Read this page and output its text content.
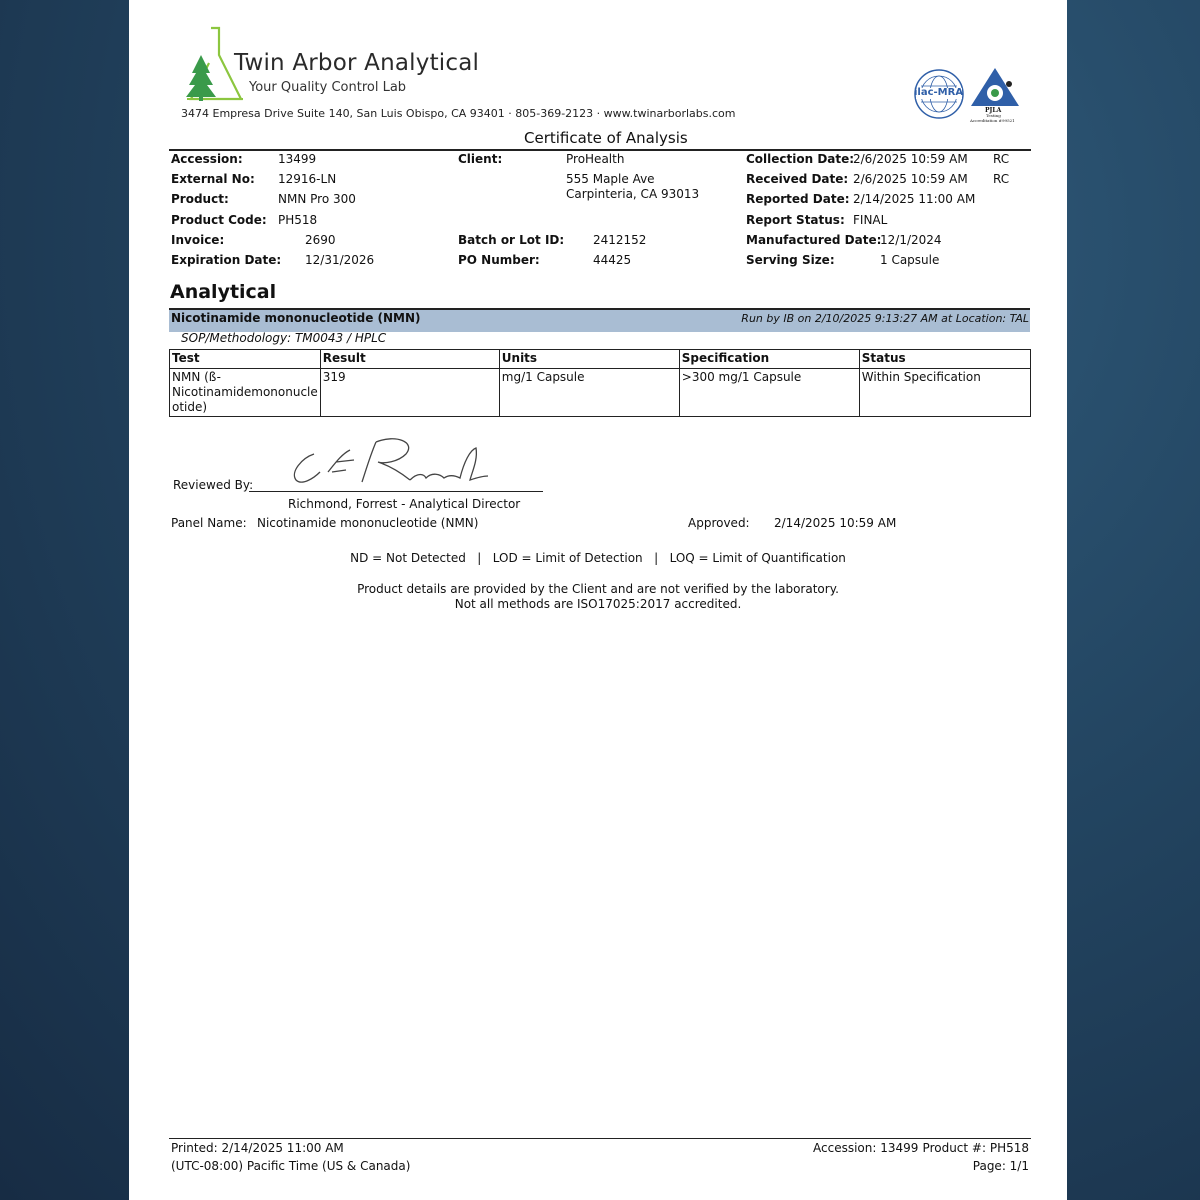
Twin Arbor Analytical
Your Quality Control Lab
3474 Empresa Drive Suite 140, San Luis Obispo, CA 93401 · 805-369-2123 · www.twinarborlabs.com
ilac-MRA
PJLA
Testing
Accreditation #99521
Certificate of Analysis
Accession:	13499
External No: 12916-LN
Product:	NMN Pro 300
Product Code: PH518
Invoice:	2690
Expiration Date: 12/31/2026
Client:	ProHealth
555 Maple Ave
Carpinteria, CA 93013
Batch or Lot ID: 2412152
PO Number:	44425
Collection Date:
2/6/2025 10:59 AM RC
Received Date: 2/6/2025 10:59 AM RC
Reported Date: 2/14/2025 11:00 AM
Report Status: FINAL
Manufactured Date:
12/1/2024
Serving Size:	1 Capsule
Analytical
Nicotinamide mononucleotide (NMN)	Run by IB on 2/10/2025 9:13:27 AM at Location: TAL
SOP/Methodology: TM0043 / HPLC
Test	Result	Units	Specification	Status

NMN (ß-
Nicotinamidemononucle
otide)	319	mg/1 Capsule	>300 mg/1 Capsule	Within Specification
Reviewed By:
Richmond, Forrest - Analytical Director
Panel Name: Nicotinamide mononucleotide (NMN)	Approved: 2/14/2025 10:59 AM
ND = Not Detected   |   LOD = Limit of Detection   |   LOQ = Limit of Quantification
Product details are provided by the Client and are not verified by the laboratory.
Not all methods are ISO17025:2017 accredited.
Printed: 2/14/2025 11:00 AM
(UTC-08:00) Pacific Time (US & Canada)
Accession: 13499 Product #: PH518
Page: 1/1
